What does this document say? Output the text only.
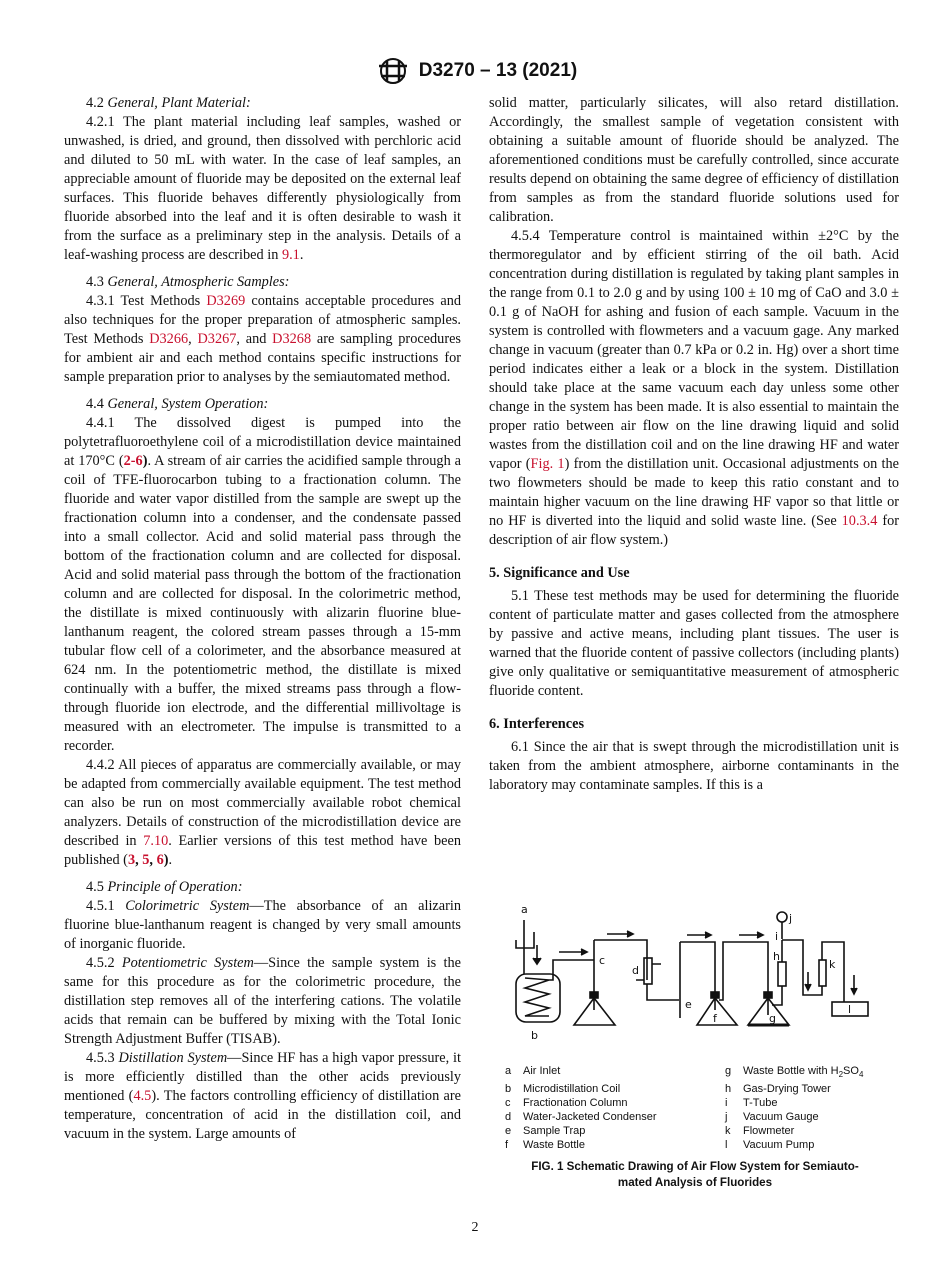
D3270 – 13 (2021)

4.2 General, Plant Material:

4.2.1 The plant material including leaf samples, washed or unwashed, is dried, and ground, then dissolved with perchloric acid and diluted to 50 mL with water. In the case of leaf samples, an appreciable amount of fluoride may be deposited on the external leaf surfaces. This fluoride behaves differently physiologically from fluoride absorbed into the leaf and it is often desirable to wash it from the surface as a preliminary step in the analysis. Details of a leaf-washing process are described in 9.1.

4.3 General, Atmospheric Samples:

4.3.1 Test Methods D3269 contains acceptable procedures and also techniques for the proper preparation of atmospheric samples. Test Methods D3266, D3267, and D3268 are sampling procedures for ambient air and each method contains specific instructions for sample preparation prior to analyses by the semiautomated method.

4.4 General, System Operation:

4.4.1 The dissolved digest is pumped into the polytetrafluoroethylene coil of a microdistillation device maintained at 170°C (2-6). A stream of air carries the acidified sample through a coil of TFE-fluorocarbon tubing to a fractionation column. The fluoride and water vapor distilled from the sample are swept up the fractionation column into a condenser, and the condensate passed into a small collector. Acid and solid material pass through the bottom of the fractionation column and are collected for disposal. Acid and solid material pass through the bottom of the fractionation column and are collected for disposal. In the colorimetric method, the distillate is mixed continuously with alizarin fluorine blue-lanthanum reagent, the colored stream passes through a 15-mm tubular flow cell of a colorimeter, and the absorbance measured at 624 nm. In the potentiometric method, the distillate is mixed continually with a buffer, the mixed streams pass through a flow-through fluoride ion electrode, and the differential millivoltage is measured with an electrometer. The impulse is transmitted to a recorder.

4.4.2 All pieces of apparatus are commercially available, or may be adapted from commercially available equipment. The test method can also be run on most commercially available robot chemical analyzers. Details of construction of the microdistillation device are described in 7.10. Earlier versions of this test method have been published (3, 5, 6).

4.5 Principle of Operation:

4.5.1 Colorimetric System—The absorbance of an alizarin fluorine blue-lanthanum reagent is changed by very small amounts of inorganic fluoride.

4.5.2 Potentiometric System—Since the sample system is the same for this procedure as for the colorimetric procedure, the distillation step removes all of the interfering cations. The volatile acids that remain can be buffered by mixing with the Total Ionic Strength Adjustment Buffer (TISAB).

4.5.3 Distillation System—Since HF has a high vapor pressure, it is more efficiently distilled than the other acids previously mentioned (4.5). The factors controlling efficiency of distillation are temperature, concentration of acid in the distillation coil, and vacuum in the system. Large amounts of

solid matter, particularly silicates, will also retard distillation. Accordingly, the smallest sample of vegetation consistent with obtaining a suitable amount of fluoride should be analyzed. The aforementioned conditions must be carefully controlled, since accurate results depend on obtaining the same degree of efficiency of distillation from samples as from the standard fluoride solutions used for calibration.

4.5.4 Temperature control is maintained within ±2°C by the thermoregulator and by efficient stirring of the oil bath. Acid concentration during distillation is regulated by taking plant samples in the range from 0.1 to 2.0 g and by using 100 ± 10 mg of CaO and 3.0 ± 0.1 g of NaOH for ashing and fusion of each sample. Vacuum in the system is controlled with flowmeters and a vacuum gage. Any marked change in vacuum (greater than 0.7 kPa or 0.2 in. Hg) over a short time period indicates either a leak or a block in the system. Distillation should take place at the same vacuum each day unless some other change in the system has been made. It is also essential to maintain the proper ratio between air flow on the line drawing liquid and solid wastes from the distillation coil and on the line drawing HF and water vapor (Fig. 1) from the distillation unit. Occasional adjustments on the two flowmeters should be made to keep this ratio constant and to maintain higher vacuum on the line drawing HF vapor so that little or no HF is diverted into the liquid and solid waste line. (See 10.3.4 for description of air flow system.)

5. Significance and Use

5.1 These test methods may be used for determining the fluoride content of particulate matter and gases collected from the atmosphere by passive and active means, including plant tissues. The user is warned that the fluoride content of passive collectors (including plants) give only qualitative or semiquantitative measurement of atmospheric fluoride content.

6. Interferences

6.1 Since the air that is swept through the microdistillation unit is taken from the ambient atmosphere, airborne contaminants in the laboratory may contaminate samples. If this is a

a
b
c
d
e
f	g
h
i
j
k
l
a	Air Inlet	g	Waste Bottle with $H_2SO_4$
b	Microdistillation Coil	h	Gas-Drying Tower
c	Fractionation Column	i	T-Tube
d	Water-Jacketed Condenser	j	Vacuum Gauge
e	Sample Trap	k	Flowmeter
f	Waste Bottle	l	Vacuum Pump
FIG. 1 Schematic Drawing of Air Flow System for Semiauto-
mated Analysis of Fluorides
2
